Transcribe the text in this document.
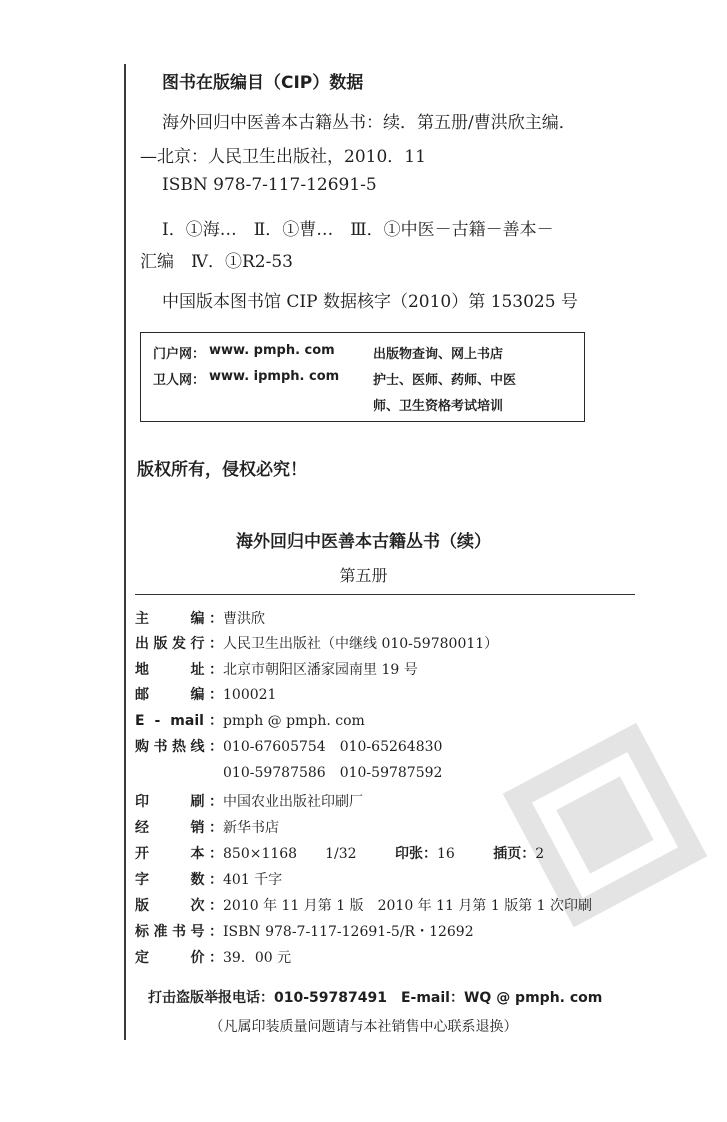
图书在版编目（CIP）数据
海外回归中医善本古籍丛书：续．第五册/曹洪欣主编．
—北京：人民卫生出版社，2010．11
ISBN 978-7-117-12691-5
Ⅰ．①海…　Ⅱ．①曹…　Ⅲ．①中医－古籍－善本－
汇编　Ⅳ．①R2-53
中国版本图书馆 CIP 数据核字（2010）第 153025 号
门户网： www. pmph. com	出版物查询、网上书店
卫人网： www. ipmph. com	护士、医师、药师、中医
师、卫生资格考试培训
版权所有，侵权必究！
海外回归中医善本古籍丛书（续）
第五册
主　　编：曹洪欣
出版发行：人民卫生出版社（中继线 010-59780011）
地　　址：北京市朝阳区潘家园南里 19 号
邮　　编：100021
E - mail：pmph @ pmph. com
购书热线：010-67605754　010-65264830
010-59787586　010-59787592
印　　刷：中国农业出版社印刷厂
经　　销：新华书店
开　　本：850×1168　　1/32	印张：16	插页：2
字　　数：401 千字
版　　次：2010 年 11 月第 1 版　2010 年 11 月第 1 版第 1 次印刷
标准书号：ISBN 978-7-117-12691-5/R・12692
定　　价：39．00 元
打击盗版举报电话：010-59787491　E-mail：WQ @ pmph. com
（凡属印装质量问题请与本社销售中心联系退换）
